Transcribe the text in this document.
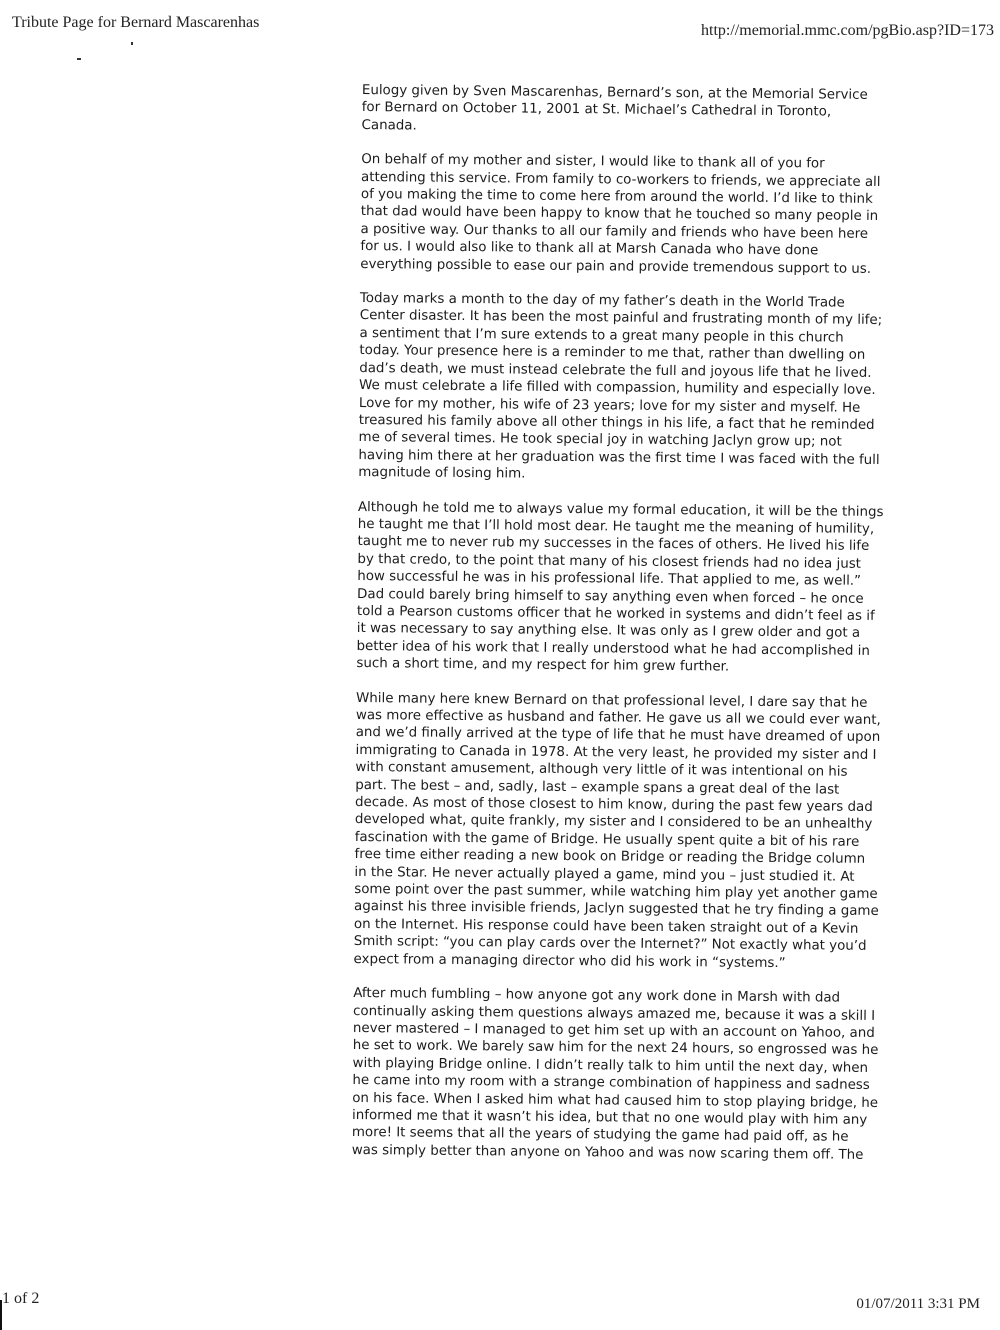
Tribute Page for Bernard Mascarenhas	http://memorial.mmc.com/pgBio.asp?ID=173

Eulogy given by Sven Mascarenhas, Bernard’s son, at the Memorial Service for Bernard on October 11, 2001 at St. Michael’s Cathedral in Toronto, Canada.

On behalf of my mother and sister, I would like to thank all of you for attending this service. From family to co-workers to friends, we appreciate all of you making the time to come here from around the world. I’d like to think that dad would have been happy to know that he touched so many people in a positive way. Our thanks to all our family and friends who have been here for us. I would also like to thank all at Marsh Canada who have done everything possible to ease our pain and provide tremendous support to us.

Today marks a month to the day of my father’s death in the World Trade Center disaster. It has been the most painful and frustrating month of my life; a sentiment that I’m sure extends to a great many people in this church today. Your presence here is a reminder to me that, rather than dwelling on dad’s death, we must instead celebrate the full and joyous life that he lived. We must celebrate a life filled with compassion, humility and especially love. Love for my mother, his wife of 23 years; love for my sister and myself. He treasured his family above all other things in his life, a fact that he reminded me of several times. He took special joy in watching Jaclyn grow up; not having him there at her graduation was the first time I was faced with the full magnitude of losing him.

Although he told me to always value my formal education, it will be the things he taught me that I’ll hold most dear. He taught me the meaning of humility, taught me to never rub my successes in the faces of others. He lived his life by that credo, to the point that many of his closest friends had no idea just how successful he was in his professional life. That applied to me, as well.” Dad could barely bring himself to say anything even when forced – he once told a Pearson customs officer that he worked in systems and didn’t feel as if it was necessary to say anything else. It was only as I grew older and got a better idea of his work that I really understood what he had accomplished in such a short time, and my respect for him grew further.

While many here knew Bernard on that professional level, I dare say that he was more effective as husband and father. He gave us all we could ever want, and we’d finally arrived at the type of life that he must have dreamed of upon immigrating to Canada in 1978. At the very least, he provided my sister and I with constant amusement, although very little of it was intentional on his part. The best – and, sadly, last – example spans a great deal of the last decade. As most of those closest to him know, during the past few years dad developed what, quite frankly, my sister and I considered to be an unhealthy fascination with the game of Bridge. He usually spent quite a bit of his rare free time either reading a new book on Bridge or reading the Bridge column in the Star. He never actually played a game, mind you – just studied it. At some point over the past summer, while watching him play yet another game against his three invisible friends, Jaclyn suggested that he try finding a game on the Internet. His response could have been taken straight out of a Kevin Smith script: “you can play cards over the Internet?” Not exactly what you’d expect from a managing director who did his work in “systems.”

After much fumbling – how anyone got any work done in Marsh with dad continually asking them questions always amazed me, because it was a skill I never mastered – I managed to get him set up with an account on Yahoo, and he set to work. We barely saw him for the next 24 hours, so engrossed was he with playing Bridge online. I didn’t really talk to him until the next day, when he came into my room with a strange combination of happiness and sadness on his face. When I asked him what had caused him to stop playing bridge, he informed me that it wasn’t his idea, but that no one would play with him any more! It seems that all the years of studying the game had paid off, as he was simply better than anyone on Yahoo and was now scaring them off. The

1 of 2	01/07/2011 3:31 PM
